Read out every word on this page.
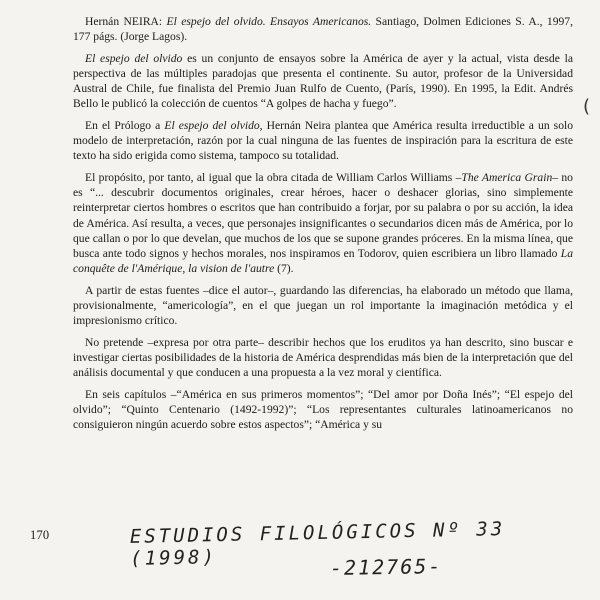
Hernán NEIRA: El espejo del olvido. Ensayos Americanos. Santiago, Dolmen Ediciones S. A., 1997, 177 págs. (Jorge Lagos).

El espejo del olvido es un conjunto de ensayos sobre la América de ayer y la actual, vista desde la perspectiva de las múltiples paradojas que presenta el continente. Su autor, profesor de la Universidad Austral de Chile, fue finalista del Premio Juan Rulfo de Cuento, (París, 1990). En 1995, la Edit. Andrés Bello le publicó la colección de cuentos “A golpes de hacha y fuego”.

En el Prólogo a El espejo del olvido, Hernán Neira plantea que América resulta irreductible a un solo modelo de interpretación, razón por la cual ninguna de las fuentes de inspiración para la escritura de este texto ha sido erigida como sistema, tampoco su totalidad.

El propósito, por tanto, al igual que la obra citada de William Carlos Williams –The America Grain– no es “... descubrir documentos originales, crear héroes, hacer o deshacer glorias, sino simplemente reinterpretar ciertos hombres o escritos que han contribuido a forjar, por su palabra o por su acción, la idea de América. Así resulta, a veces, que personajes insignificantes o secundarios dicen más de América, por lo que callan o por lo que develan, que muchos de los que se supone grandes próceres. En la misma línea, que busca ante todo signos y hechos morales, nos inspiramos en Todorov, quien escribiera un libro llamado La conquête de l'Amérique, la vision de l'autre (7).

A partir de estas fuentes –dice el autor–, guardando las diferencias, ha elaborado un método que llama, provisionalmente, “americología”, en el que juegan un rol importante la imaginación metódica y el impresionismo crítico.

No pretende –expresa por otra parte– describir hechos que los eruditos ya han descrito, sino buscar e investigar ciertas posibilidades de la historia de América desprendidas más bien de la interpretación que del análisis documental y que conducen a una propuesta a la vez moral y científica.

En seis capítulos –“América en sus primeros momentos”; “Del amor por Doña Inés”; “El espejo del olvido”; “Quinto Centenario (1492-1992)”; “Los representantes culturales latinoamericanos no consiguieron ningún acuerdo sobre estos aspectos”; “América y su

(
170	ESTUDIOS FILOLÓGICOS Nº 33 (1998)	-212765-
